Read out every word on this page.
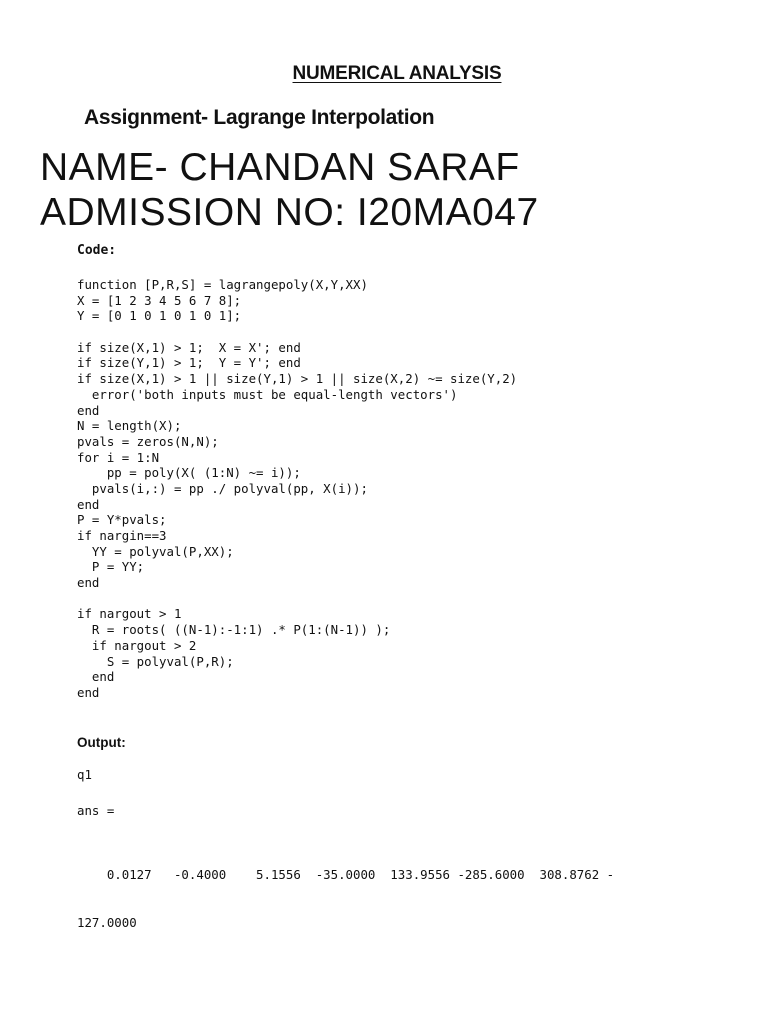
NUMERICAL ANALYSIS
Assignment- Lagrange Interpolation
NAME- CHANDAN SARAF
ADMISSION NO: I20MA047
Code:
function [P,R,S] = lagrangepoly(X,Y,XX)
X = [1 2 3 4 5 6 7 8];
Y = [0 1 0 1 0 1 0 1];
if size(X,1) > 1;  X = X'; end
if size(Y,1) > 1;  Y = Y'; end
if size(X,1) > 1 || size(Y,1) > 1 || size(X,2) ~= size(Y,2)
error('both inputs must be equal-length vectors')
end
N = length(X);
pvals = zeros(N,N);
for i = 1:N
pp = poly(X( (1:N) ~= i));
pvals(i,:) = pp ./ polyval(pp, X(i));
end
P = Y*pvals;
if nargin==3
YY = polyval(P,XX);
P = YY;
end
if nargout > 1
R = roots( ((N-1):-1:1) .* P(1:(N-1)) );
if nargout > 2
S = polyval(P,R);
end
end
Output:
q1
ans =

0.0127   -0.4000    5.1556  -35.0000  133.9556 -285.6000  308.8762 -

127.0000
